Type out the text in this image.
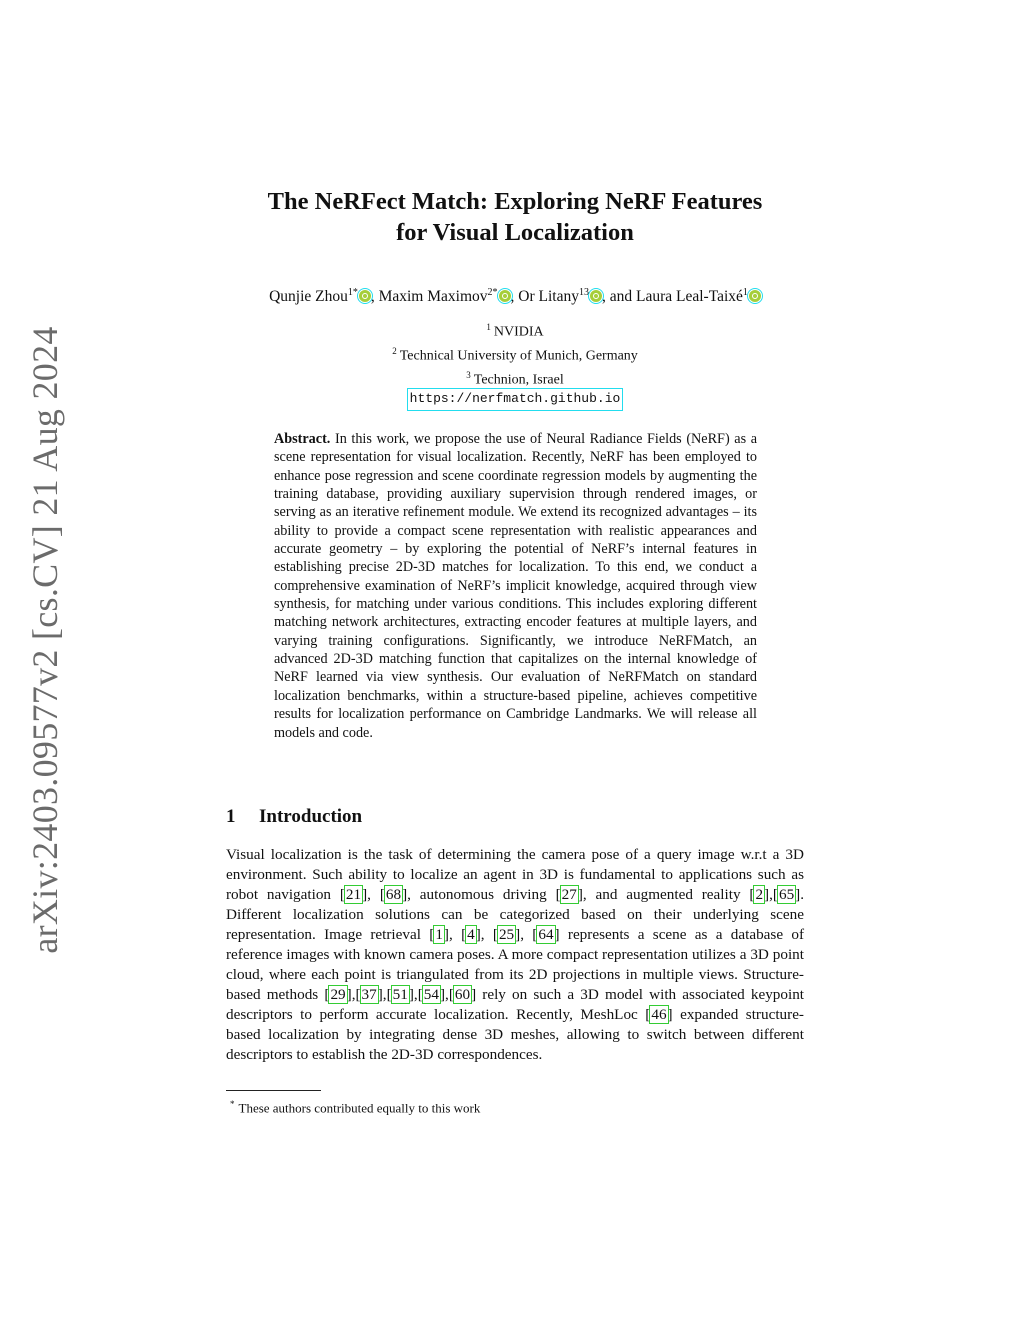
arXiv:2403.09577v2 [cs.CV] 21 Aug 2024
The NeRFect Match: Exploring NeRF Features
for Visual Localization
Qunjie Zhou$^{1*}$ , Maxim Maximov$^{2*}$ , Or Litany$^{13}$ , and Laura Leal-Taixé$^1$
$^1$ NVIDIA
$^2$ Technical University of Munich, Germany
$^3$ Technion, Israel
https://nerfmatch.github.io

Abstract. In this work, we propose the use of Neural Radiance Fields (NeRF) as a scene representation for visual localization. Recently, NeRF has been employed to enhance pose regression and scene coordinate regression models by augmenting the training database, providing auxiliary supervision through rendered images, or serving as an iterative refinement module. We extend its recognized advantages – its ability to provide a compact scene representation with realistic appearances and accurate geometry – by exploring the potential of NeRF’s internal features in establishing precise 2D-3D matches for localization. To this end, we conduct a comprehensive examination of NeRF’s implicit knowledge, acquired through view synthesis, for matching under various conditions. This includes exploring different matching network architectures, extracting encoder features at multiple layers, and varying training configurations. Significantly, we introduce NeRFMatch, an advanced 2D-3D matching function that capitalizes on the internal knowledge of NeRF learned via view synthesis. Our evaluation of NeRFMatch on standard localization benchmarks, within a structure-based pipeline, achieves competitive results for localization performance on Cambridge Landmarks. We will release all models and code.

1 Introduction

Visual localization is the task of determining the camera pose of a query image w.r.t a 3D environment. Such ability to localize an agent in 3D is fundamental to applications such as robot navigation [21], [68], autonomous driving [27], and augmented reality [2],[65]. Different localization solutions can be categorized based on their underlying scene representation. Image retrieval [1], [4], [25], [64] represents a scene as a database of reference images with known camera poses. A more compact representation utilizes a 3D point cloud, where each point is triangulated from its 2D projections in multiple views. Structure-based methods [29],[37],[51],[54],[60] rely on such a 3D model with associated keypoint descriptors to perform accurate localization. Recently, MeshLoc [46] expanded structure-based localization by integrating dense 3D meshes, allowing to switch between different descriptors to establish the 2D-3D correspondences.

* These authors contributed equally to this work
